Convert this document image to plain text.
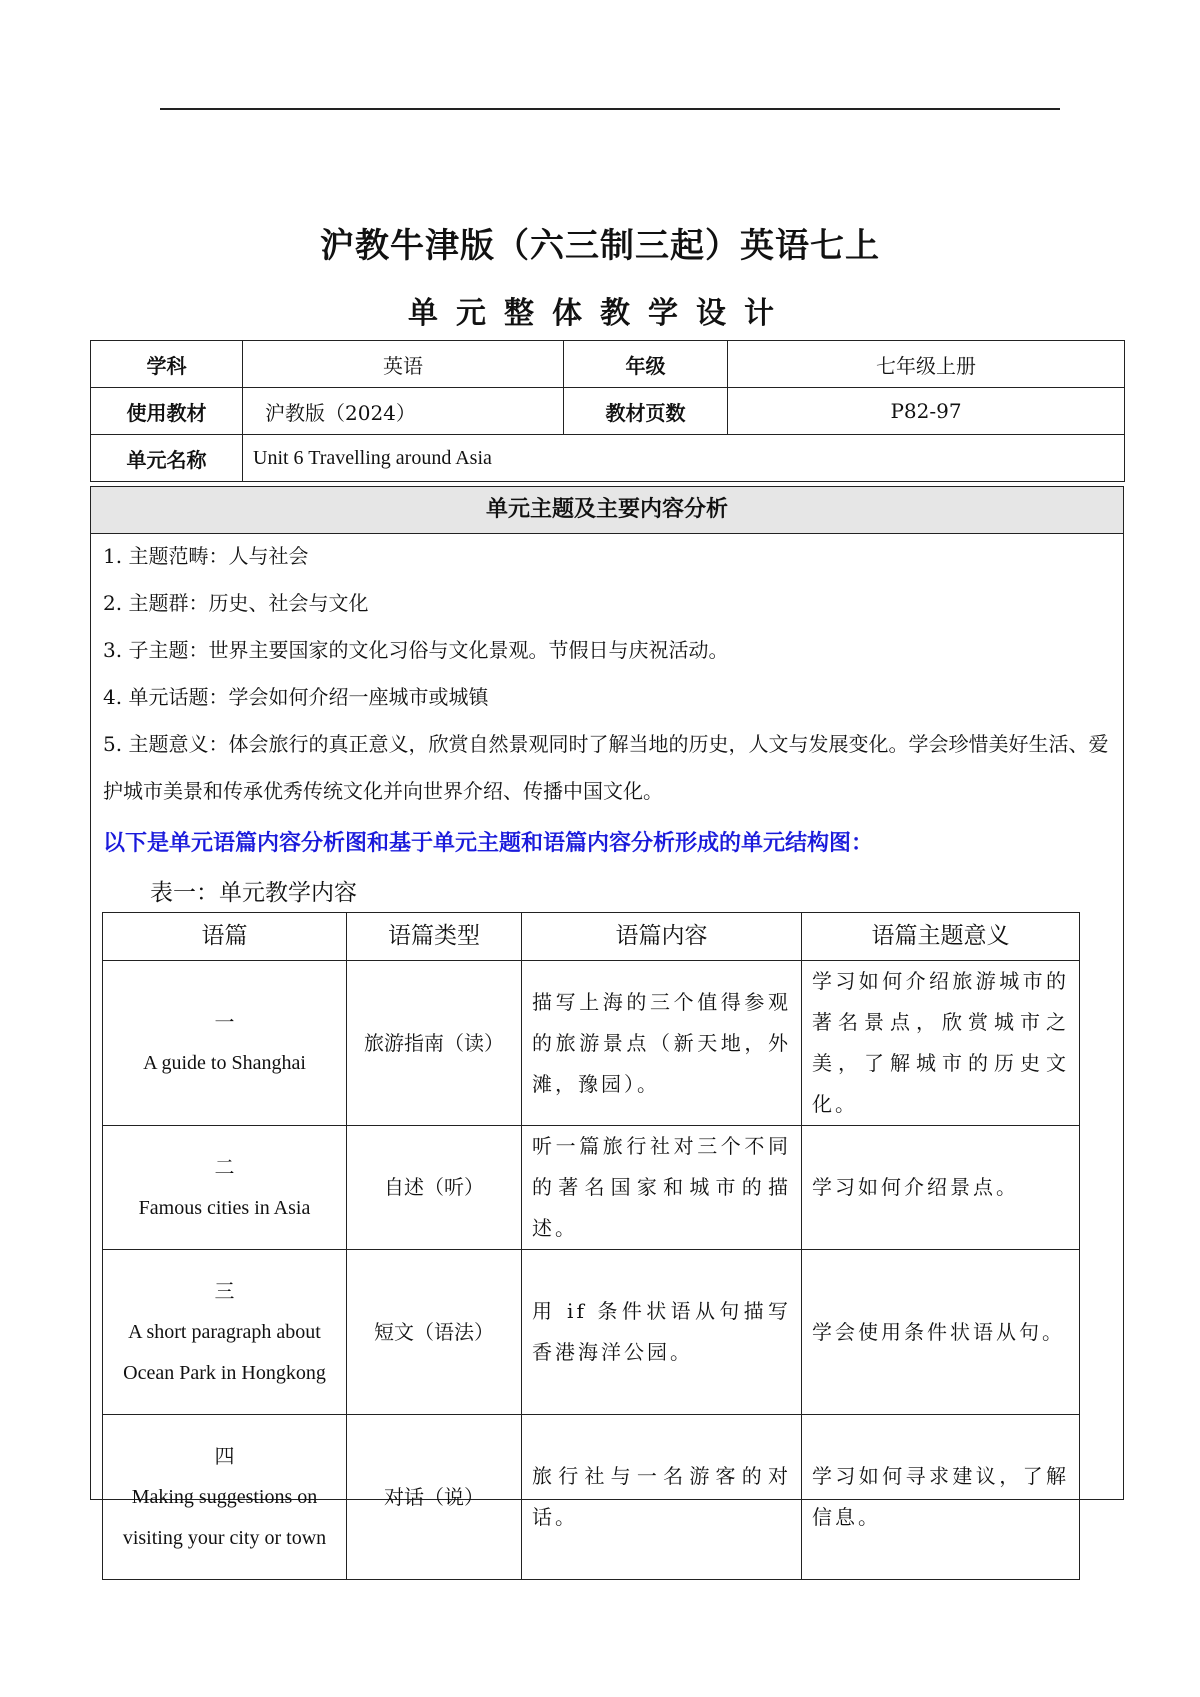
沪教牛津版（六三制三起）英语七上
单元整体教学设计
学科	英语	年级	七年级上册
使用教材	沪教版（2024）	教材页数	P82-97
单元名称	Unit 6 Travelling around Asia		
单元主题及主要内容分析
1. 主题范畴：人与社会
2. 主题群：历史、社会与文化
3. 子主题：世界主要国家的文化习俗与文化景观。节假日与庆祝活动。
4. 单元话题：学会如何介绍一座城市或城镇
5. 主题意义：体会旅行的真正意义，欣赏自然景观同时了解当地的历史，人文与发展变化。学会珍惜美好生活、爱护城市美景和传承优秀传统文化并向世界介绍、传播中国文化。
以下是单元语篇内容分析图和基于单元主题和语篇内容分析形成的单元结构图：
表一：单元教学内容
语篇	语篇类型	语篇内容	语篇主题意义

一
A guide to Shanghai	旅游指南（读）	描写上海的三个值得参观的旅游景点（新天地，外滩，豫园）。	学习如何介绍旅游城市的著名景点，欣赏城市之美，了解城市的历史文化。

二
Famous cities in Asia	自述（听）	听一篇旅行社对三个不同的著名国家和城市的描述。	学习如何介绍景点。

三
A short paragraph about Ocean Park in Hongkong	短文（语法）	用 if 条件状语从句描写香港海洋公园。	学会使用条件状语从句。

四
Making suggestions on visiting your city or town	对话（说）	旅行社与一名游客的对话。	学习如何寻求建议，了解信息。
